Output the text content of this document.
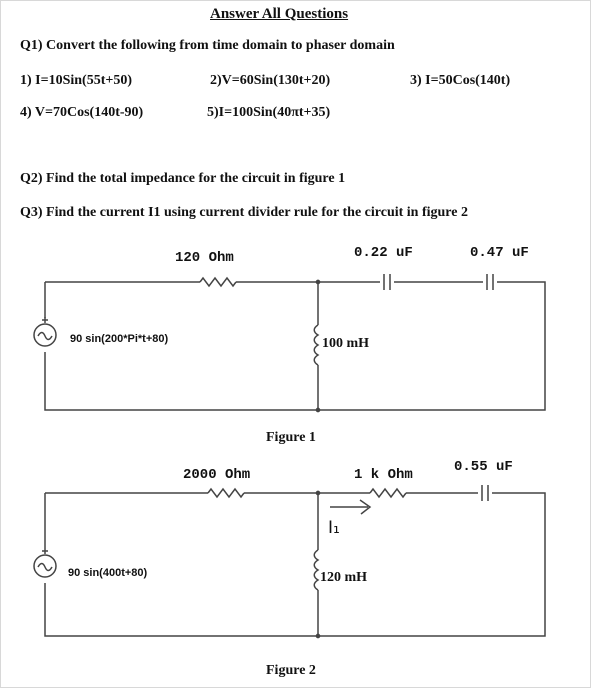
Answer All Questions
Q1) Convert the following from time domain to phaser domain
1) I=10Sin(55t+50)	2)V=60Sin(130t+20)	3) I=50Cos(140t)
4) V=70Cos(140t-90)	5)I=100Sin(40πt+35)
Q2) Find the total impedance for the circuit in figure 1
Q3) Find the current I1 using current divider rule for the circuit in figure 2
120 Ohm	0.22 uF	0.47 uF
100 mH
90 sin(200*Pi*t+80)
Figure 1
2000 Ohm	1 k Ohm	0.55 uF
120 mH
90 sin(400t+80)
I₁
Figure 2
